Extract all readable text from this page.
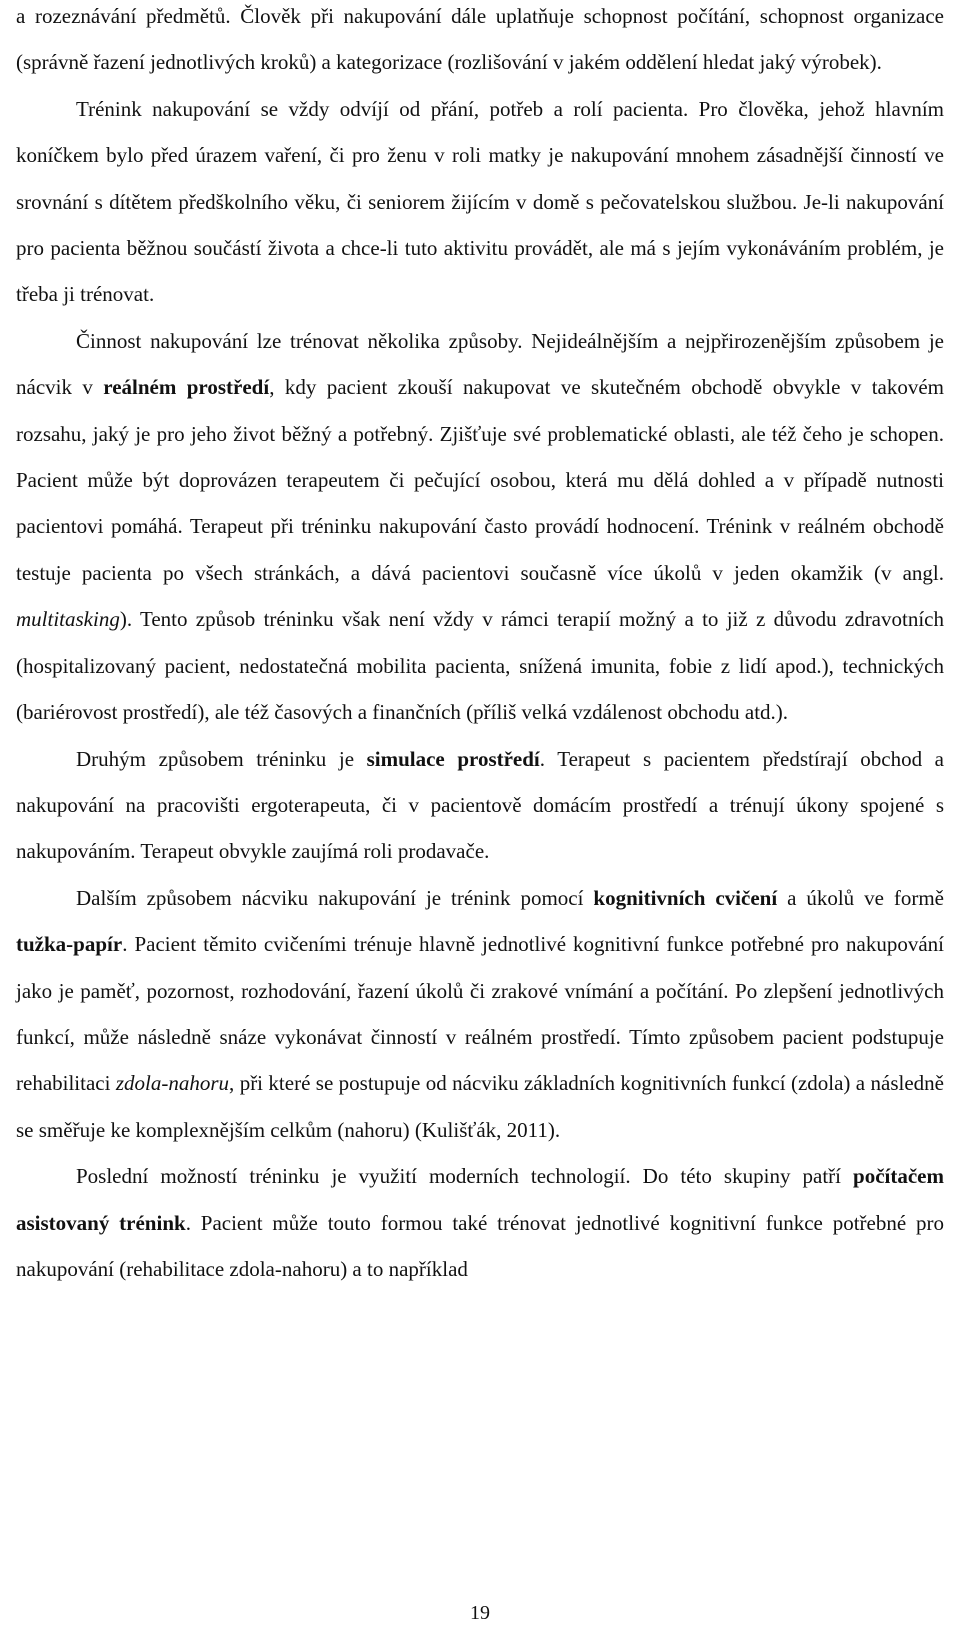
a rozeznávání předmětů. Člověk při nakupování dále uplatňuje schopnost počítání, schopnost organizace (správně řazení jednotlivých kroků) a kategorizace (rozlišování v jakém oddělení hledat jaký výrobek).

Trénink nakupování se vždy odvíjí od přání, potřeb a rolí pacienta. Pro člověka, jehož hlavním koníčkem bylo před úrazem vaření, či pro ženu v roli matky je nakupování mnohem zásadnější činností ve srovnání s dítětem předškolního věku, či seniorem žijícím v domě s pečovatelskou službou. Je-li nakupování pro pacienta běžnou součástí života a chce-li tuto aktivitu provádět, ale má s jejím vykonáváním problém, je třeba ji trénovat.

Činnost nakupování lze trénovat několika způsoby. Nejideálnějším a nejpřirozenějším způsobem je nácvik v reálném prostředí, kdy pacient zkouší nakupovat ve skutečném obchodě obvykle v takovém rozsahu, jaký je pro jeho život běžný a potřebný. Zjišťuje své problematické oblasti, ale též čeho je schopen. Pacient může být doprovázen terapeutem či pečující osobou, která mu dělá dohled a v případě nutnosti pacientovi pomáhá. Terapeut při tréninku nakupování často provádí hodnocení. Trénink v reálném obchodě testuje pacienta po všech stránkách, a dává pacientovi současně více úkolů v jeden okamžik (v angl. multitasking). Tento způsob tréninku však není vždy v rámci terapií možný a to již z důvodu zdravotních (hospitalizovaný pacient, nedostatečná mobilita pacienta, snížená imunita, fobie z lidí apod.), technických (bariérovost prostředí), ale též časových a finančních (příliš velká vzdálenost obchodu atd.).

Druhým způsobem tréninku je simulace prostředí. Terapeut s pacientem předstírají obchod a nakupování na pracovišti ergoterapeuta, či v pacientově domácím prostředí a trénují úkony spojené s nakupováním. Terapeut obvykle zaujímá roli prodavače.

Dalším způsobem nácviku nakupování je trénink pomocí kognitivních cvičení a úkolů ve formě tužka-papír. Pacient těmito cvičeními trénuje hlavně jednotlivé kognitivní funkce potřebné pro nakupování jako je paměť, pozornost, rozhodování, řazení úkolů či zrakové vnímání a počítání. Po zlepšení jednotlivých funkcí, může následně snáze vykonávat činností v reálném prostředí. Tímto způsobem pacient podstupuje rehabilitaci zdola-nahoru, při které se postupuje od nácviku základních kognitivních funkcí (zdola) a následně se směřuje ke komplexnějším celkům (nahoru) (Kulišťák, 2011).

Poslední možností tréninku je využití moderních technologií. Do této skupiny patří počítačem asistovaný trénink. Pacient může touto formou také trénovat jednotlivé kognitivní funkce potřebné pro nakupování (rehabilitace zdola-nahoru) a to například

19
